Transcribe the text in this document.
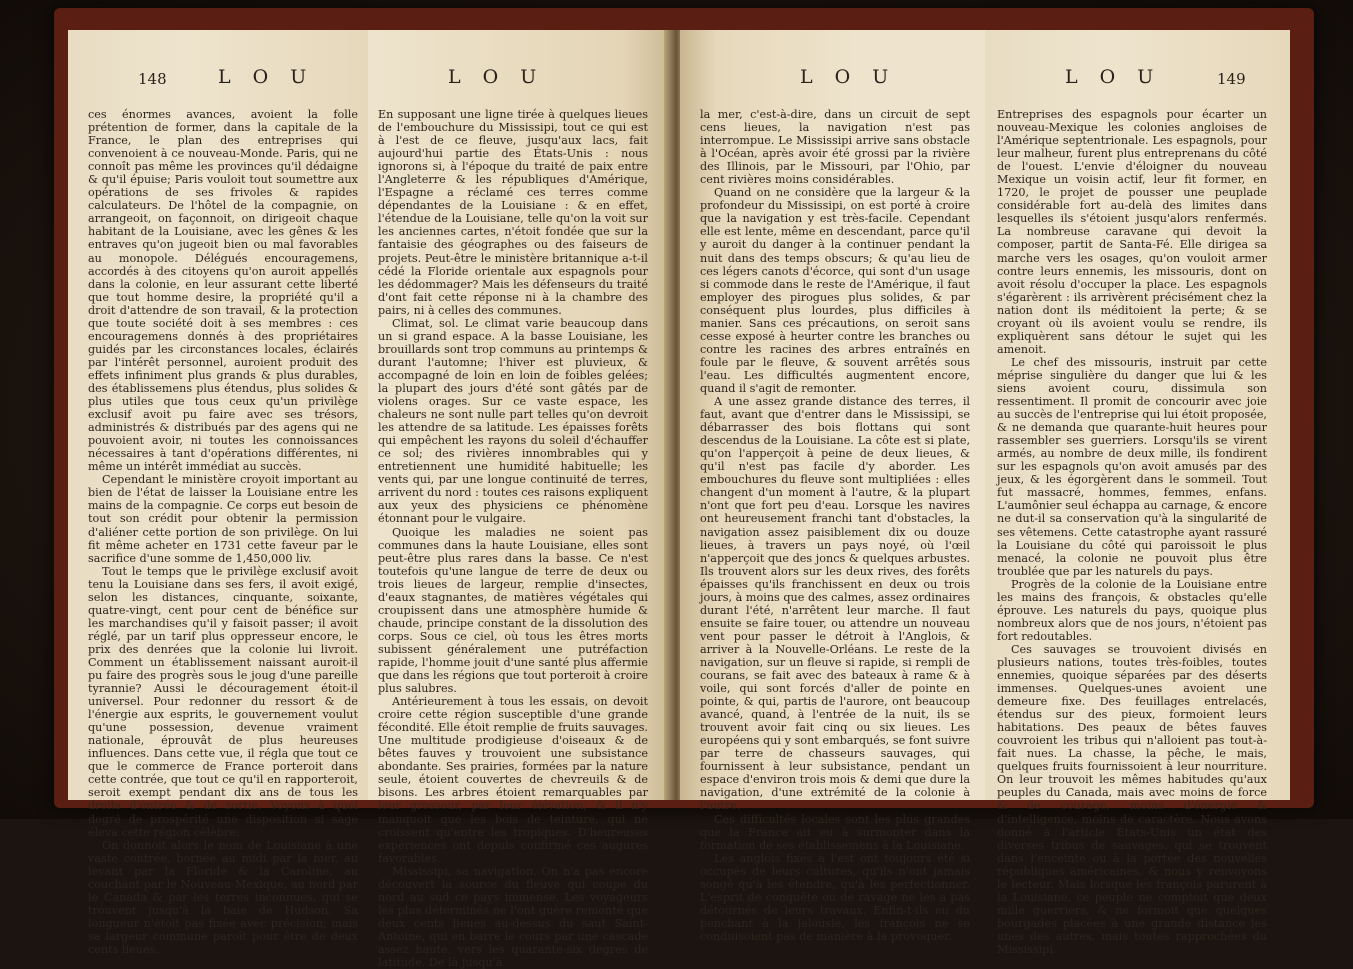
148	L O U

ces énormes avances, avoient la folle prétention de former, dans la capitale de la France, le plan des entreprises qui convenoient à ce nouveau-Monde. Paris, qui ne connoît pas même les provinces qu'il dédaigne & qu'il épuise; Paris vouloit tout soumettre aux opérations de ses frivoles & rapides calculateurs. De l'hôtel de la compagnie, on arrangeoit, on façonnoit, on dirigeoit chaque habitant de la Louisiane, avec les gênes & les entraves qu'on jugeoit bien ou mal favorables au monopole. Délégués encouragemens, accordés à des citoyens qu'on auroit appellés dans la colonie, en leur assurant cette liberté que tout homme desire, la propriété qu'il a droit d'attendre de son travail, & la protection que toute société doit à ses membres : ces encouragemens donnés à des propriétaires guidés par les circonstances locales, éclairés par l'intérêt personnel, auroient produit des effets infiniment plus grands & plus durables, des établissemens plus étendus, plus solides & plus utiles que tous ceux qu'un privilège exclusif avoit pu faire avec ses trésors, administrés & distribués par des agens qui ne pouvoient avoir, ni toutes les connoissances nécessaires à tant d'opérations différentes, ni même un intérêt immédiat au succès.

Cependant le ministère croyoit important au bien de l'état de laisser la Louisiane entre les mains de la compagnie. Ce corps eut besoin de tout son crédit pour obtenir la permission d'aliéner cette portion de son privilège. On lui fit même acheter en 1731 cette faveur par le sacrifice d'une somme de 1,450,000 liv.

Tout le temps que le privilège exclusif avoit tenu la Louisiane dans ses fers, il avoit exigé, selon les distances, cinquante, soixante, quatre-vingt, cent pour cent de bénéfice sur les marchandises qu'il y faisoit passer; il avoit réglé, par un tarif plus oppresseur encore, le prix des denrées que la colonie lui livroit. Comment un établissement naissant auroit-il pu faire des progrès sous le joug d'une pareille tyrannie? Aussi le découragement étoit-il universel. Pour redonner du ressort & de l'énergie aux esprits, le gouvernement voulut qu'une possession, devenue vraiment nationale, éprouvât de plus heureuses influences. Dans cette vue, il régla que tout ce que le commerce de France porteroit dans cette contrée, que tout ce qu'il en rapporteroit, seroit exempt pendant dix ans de tous les droits d'entrée & de sortie. Voyons à quel degré de prospérité une disposition si sage éleva cette région célèbre.

On donnoit alors le nom de Louisiane à une vaste contrée, bornée au midi par la mer, au levant par la Floride & la Caroline, au couchant par le Nouveau-Mexique, au nord par le Canada & par les terres inconnues, qui se trouvent jusqu'à la baie de Hudson. Sa longueur n'étoit pas fixée avec précision; mais sa largeur commune paroît pour être de deux cents lieues.

L O U

En supposant une ligne tirée à quelques lieues de l'embouchure du Mississipi, tout ce qui est à l'est de ce fleuve, jusqu'aux lacs, fait aujourd'hui partie des États-Unis : nous ignorons si, à l'époque du traité de paix entre l'Angleterre & les républiques d'Amérique, l'Espagne a réclamé ces terres comme dépendantes de la Louisiane : & en effet, l'étendue de la Louisiane, telle qu'on la voit sur les anciennes cartes, n'étoit fondée que sur la fantaisie des géographes ou des faiseurs de projets. Peut-être le ministère britannique a-t-il cédé la Floride orientale aux espagnols pour les dédommager? Mais les défenseurs du traité d'ont fait cette réponse ni à la chambre des pairs, ni à celles des communes.

Climat, sol. Le climat varie beaucoup dans un si grand espace. A la basse Louisiane, les brouillards sont trop communs au printemps & durant l'automne; l'hiver est pluvieux, & accompagné de loin en loin de foibles gelées; la plupart des jours d'été sont gâtés par de violens orages. Sur ce vaste espace, les chaleurs ne sont nulle part telles qu'on devroit les attendre de sa latitude. Les épaisses forêts qui empêchent les rayons du soleil d'échauffer ce sol; des rivières innombrables qui y entretiennent une humidité habituelle; les vents qui, par une longue continuité de terres, arrivent du nord : toutes ces raisons expliquent aux yeux des physiciens ce phénomène étonnant pour le vulgaire.

Quoique les maladies ne soient pas communes dans la haute Louisiane, elles sont peut-être plus rares dans la basse. Ce n'est toutefois qu'une langue de terre de deux ou trois lieues de largeur, remplie d'insectes, d'eaux stagnantes, de matières végétales qui croupissent dans une atmosphère humide & chaude, principe constant de la dissolution des corps. Sous ce ciel, où tous les êtres morts subissent généralement une putréfaction rapide, l'homme jouit d'une santé plus affermie que dans les régions que tout porteroit à croire plus salubres.

Antérieurement à tous les essais, on devoit croire cette région susceptible d'une grande fécondité. Elle étoit remplie de fruits sauvages. Une multitude prodigieuse d'oiseaux & de bêtes fauves y trouvoient une subsistance abondante. Ses prairies, formées par la nature seule, étoient couvertes de chevreuils & de bisons. Les arbres étoient remarquables par leur grosseur, par leur élévation; & il n'y manquoit que les bois de teinture, qui ne croissent qu'entre les tropiques. D'heureuses expériences ont depuis confirmé ces augures favorables.

Mississipi, sa navigation. On n'a pas encore découvert la source du fleuve qui coupe du nord au sud ce pays immense. Les voyageurs les plus déterminés ne l'ont guère remonté que deux cents lieues au-dessus du saut Saint-Antoine, qui en barre le cours par une cascade assez haute, vers les quarante-six degrés de latitude. De là jusqu'à

L O U

la mer, c'est-à-dire, dans un circuit de sept cens lieues, la navigation n'est pas interrompue. Le Mississipi arrive sans obstacle à l'Océan, après avoir été grossi par la rivière des Illinois, par le Missouri, par l'Ohio, par cent rivières moins considérables.

Quand on ne considère que la largeur & la profondeur du Mississipi, on est porté à croire que la navigation y est très-facile. Cependant elle est lente, même en descendant, parce qu'il y auroit du danger à la continuer pendant la nuit dans des temps obscurs; & qu'au lieu de ces légers canots d'écorce, qui sont d'un usage si commode dans le reste de l'Amérique, il faut employer des pirogues plus solides, & par conséquent plus lourdes, plus difficiles à manier. Sans ces précautions, on seroit sans cesse exposé à heurter contre les branches ou contre les racines des arbres entraînés en foule par le fleuve, & souvent arrêtés sous l'eau. Les difficultés augmentent encore, quand il s'agit de remonter.

A une assez grande distance des terres, il faut, avant que d'entrer dans le Mississipi, se débarrasser des bois flottans qui sont descendus de la Louisiane. La côte est si plate, qu'on l'apperçoit à peine de deux lieues, & qu'il n'est pas facile d'y aborder. Les embouchures du fleuve sont multipliées : elles changent d'un moment à l'autre, & la plupart n'ont que fort peu d'eau. Lorsque les navires ont heureusement franchi tant d'obstacles, la navigation assez paisiblement dix ou douze lieues, à travers un pays noyé, où l'œil n'apperçoit que des joncs & quelques arbustes. Ils trouvent alors sur les deux rives, des forêts épaisses qu'ils franchissent en deux ou trois jours, à moins que des calmes, assez ordinaires durant l'été, n'arrêtent leur marche. Il faut ensuite se faire touer, ou attendre un nouveau vent pour passer le détroit à l'Anglois, & arriver à la Nouvelle-Orléans. Le reste de la navigation, sur un fleuve si rapide, si rempli de courans, se fait avec des bateaux à rame & à voile, qui sont forcés d'aller de pointe en pointe, & qui, partis de l'aurore, ont beaucoup avancé, quand, à l'entrée de la nuit, ils se trouvent avoir fait cinq ou six lieues. Les européens qui y sont embarqués, se font suivre par terre de chasseurs sauvages, qui fournissent à leur subsistance, pendant un espace d'environ trois mois & demi que dure la navigation, d'une extrémité de la colonie à l'autre.

Ces difficultés locales sont les plus grandes que la France ait eu à surmonter dans la formation de ses établissemens à la Louisiane.

Les anglois fixés à l'est ont toujours été si occupés de leurs cultures, qu'ils n'ont jamais songé qu'à les étendre, qu'à les perfectionner. L'esprit de conquête ou de ravage ne les a pas détournés de leurs travaux. Enfin-t-ils eu du penchant à la jalousie, les françois ne se conduisoient pas de manière à la provoquer.

L O U	149

Entreprises des espagnols pour écarter un nouveau-Mexique les colonies angloises de l'Amérique septentrionale. Les espagnols, pour leur malheur, furent plus entreprenans du côté de l'ouest. L'envie d'éloigner du nouveau Mexique un voisin actif, leur fit former, en 1720, le projet de pousser une peuplade considérable fort au-delà des limites dans lesquelles ils s'étoient jusqu'alors renfermés. La nombreuse caravane qui devoit la composer, partit de Santa-Fé. Elle dirigea sa marche vers les osages, qu'on vouloit armer contre leurs ennemis, les missouris, dont on avoit résolu d'occuper la place. Les espagnols s'égarèrent : ils arrivèrent précisément chez la nation dont ils méditoient la perte; & se croyant où ils avoient voulu se rendre, ils expliquèrent sans détour le sujet qui les amenoit.

Le chef des missouris, instruit par cette méprise singulière du danger que lui & les siens avoient couru, dissimula son ressentiment. Il promit de concourir avec joie au succès de l'entreprise qui lui étoit proposée, & ne demanda que quarante-huit heures pour rassembler ses guerriers. Lorsqu'ils se virent armés, au nombre de deux mille, ils fondirent sur les espagnols qu'on avoit amusés par des jeux, & les égorgèrent dans le sommeil. Tout fut massacré, hommes, femmes, enfans. L'aumônier seul échappa au carnage, & encore ne dut-il sa conservation qu'à la singularité de ses vêtemens. Cette catastrophe ayant rassuré la Louisiane du côté qui paroissoit le plus menacé, la colonie ne pouvoit plus être troublée que par les naturels du pays.

Progrès de la colonie de la Louisiane entre les mains des françois, & obstacles qu'elle éprouve. Les naturels du pays, quoique plus nombreux alors que de nos jours, n'étoient pas fort redoutables.

Ces sauvages se trouvoient divisés en plusieurs nations, toutes très-foibles, toutes ennemies, quoique séparées par des déserts immenses. Quelques-unes avoient une demeure fixe. Des feuillages entrelacés, étendus sur des pieux, formoient leurs habitations. Des peaux de bêtes fauves couvroient les tribus qui n'alloient pas tout-à-fait nues. La chasse, la pêche, le mais, quelques fruits fournissoient à leur nourriture. On leur trouvoit les mêmes habitudes qu'aux peuples du Canada, mais avec moins de force & de courage, moins d'énergie & d'intelligence, moins de caractère. Nous avons donné à l'article États-Unis un état des diverses tribus de sauvages, qui se trouvent dans l'enceinte ou à la portée des nouvelles républiques américaines, & nous y renvoyons le lecteur. Mais lorsque les françois parurent à la Louisiane, ce peuple ne comptoit que deux mille guerriers, & ne formoit que quelques bourgades placées à une grande distance les unes des autres, mais toutes rapprochées du Mississipi.
